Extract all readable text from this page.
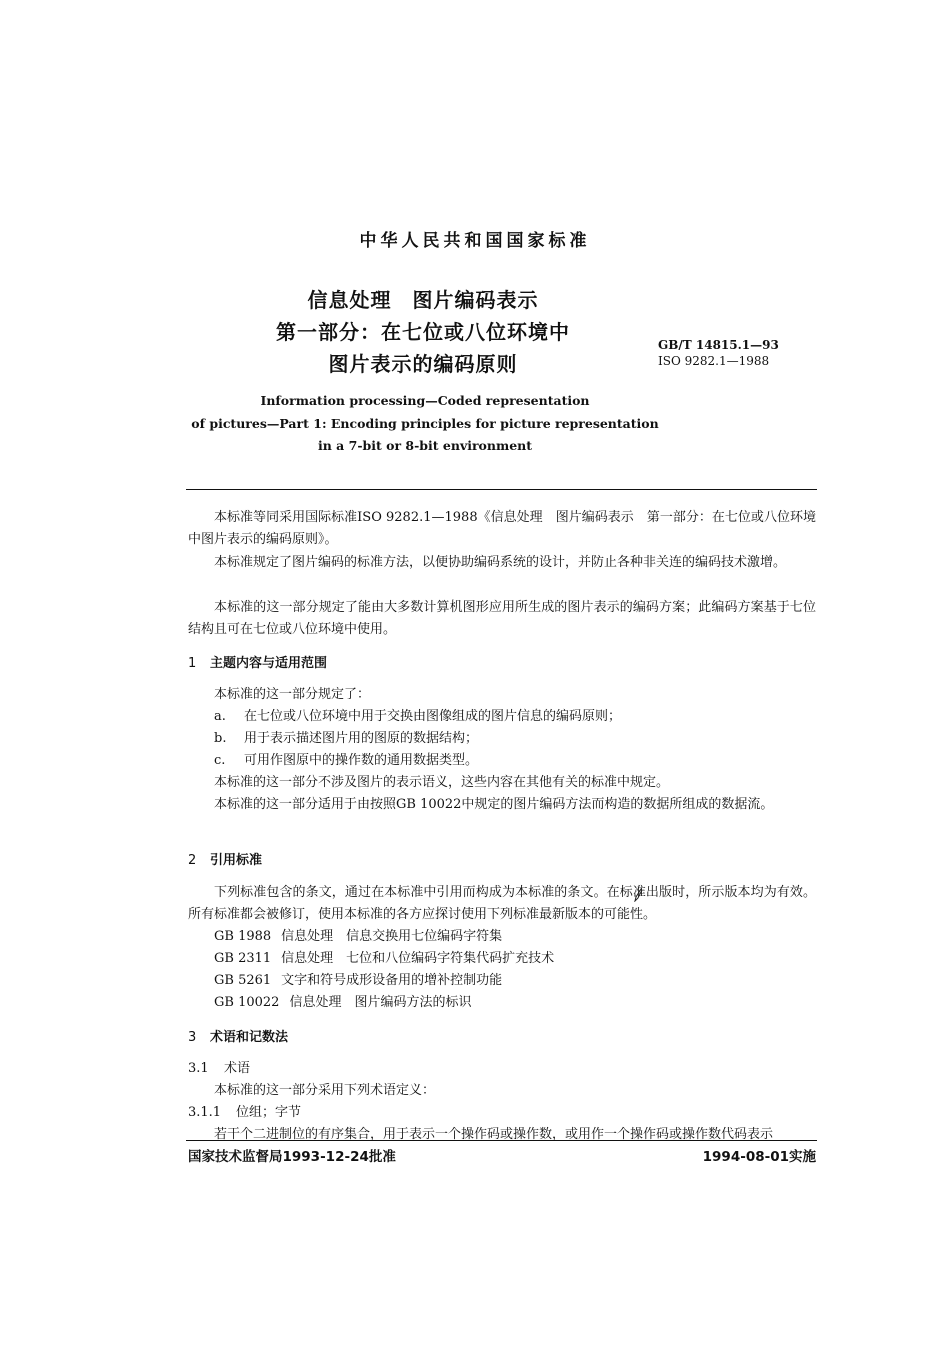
中华人民共和国国家标准
信息处理　图片编码表示
第一部分：在七位或八位环境中
图片表示的编码原则
GB/T 14815.1—93
ISO 9282.1—1988
Information processing—Coded representation
of pictures—Part 1: Encoding principles for picture representation
in a 7-bit or 8-bit environment
本标准等同采用国际标准ISO 9282.1—1988《信息处理　图片编码表示　第一部分：在七位或八位环境中图片表示的编码原则》。
本标准规定了图片编码的标准方法，以便协助编码系统的设计，并防止各种非关连的编码技术激增。
本标准的这一部分规定了能由大多数计算机图形应用所生成的图片表示的编码方案；此编码方案基于七位结构且可在七位或八位环境中使用。
1 主题内容与适用范围
本标准的这一部分规定了：
a. 在七位或八位环境中用于交换由图像组成的图片信息的编码原则；
b. 用于表示描述图片用的图原的数据结构；
c. 可用作图原中的操作数的通用数据类型。
本标准的这一部分不涉及图片的表示语义，这些内容在其他有关的标准中规定。
本标准的这一部分适用于由按照GB 10022中规定的图片编码方法而构造的数据所组成的数据流。
2 引用标准
下列标准包含的条文，通过在本标准中引用而构成为本标准的条文。在标准出版时，所示版本均为有效。所有标准都会被修订，使用本标准的各方应探讨使用下列标准最新版本的可能性。
GB 1988 信息处理　信息交换用七位编码字符集
GB 2311 信息处理　七位和八位编码字符集代码扩充技术
GB 5261 文字和符号成形设备用的增补控制功能
GB 10022 信息处理　图片编码方法的标识
3 术语和记数法
3.1 术语
本标准的这一部分采用下列术语定义：
3.1.1 位组；字节
若干个二进制位的有序集合，用于表示一个操作码或操作数，或用作一个操作码或操作数代码表示
国家技术监督局1993-12-24批准	1994-08-01实施
